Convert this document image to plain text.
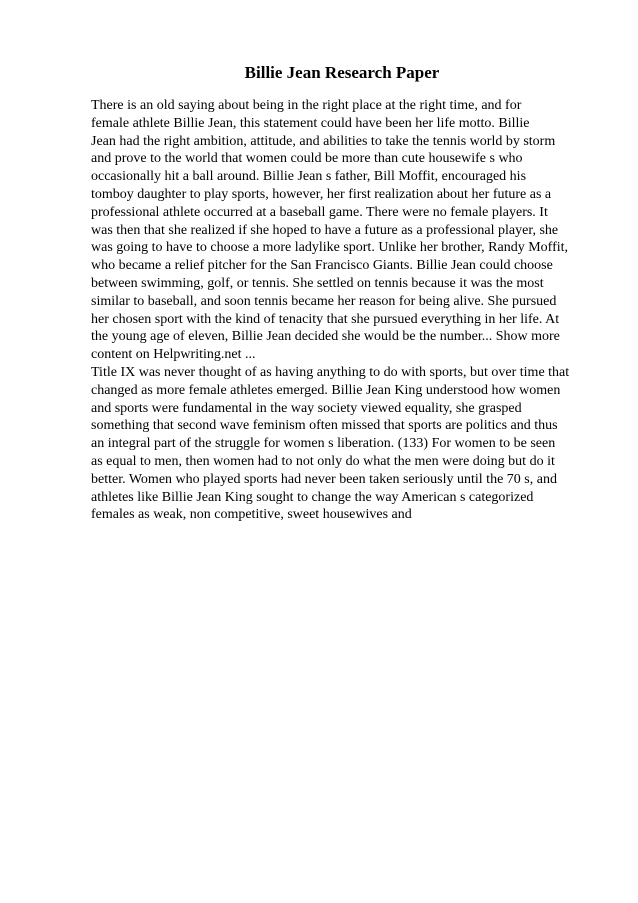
Billie Jean Research Paper
There is an old saying about being in the right place at the right time, and for
female athlete Billie Jean, this statement could have been her life motto. Billie
Jean had the right ambition, attitude, and abilities to take the tennis world by storm
and prove to the world that women could be more than cute housewife s who
occasionally hit a ball around. Billie Jean s father, Bill Moffit, encouraged his
tomboy daughter to play sports, however, her first realization about her future as a
professional athlete occurred at a baseball game. There were no female players. It
was then that she realized if she hoped to have a future as a professional player, she
was going to have to choose a more ladylike sport. Unlike her brother, Randy Moffit,
who became a relief pitcher for the San Francisco Giants. Billie Jean could choose
between swimming, golf, or tennis. She settled on tennis because it was the most
similar to baseball, and soon tennis became her reason for being alive. She pursued
her chosen sport with the kind of tenacity that she pursued everything in her life. At
the young age of eleven, Billie Jean decided she would be the number... Show more
content on Helpwriting.net ...
Title IX was never thought of as having anything to do with sports, but over time that
changed as more female athletes emerged. Billie Jean King understood how women
and sports were fundamental in the way society viewed equality, she grasped
something that second wave feminism often missed that sports are politics and thus
an integral part of the struggle for women s liberation. (133) For women to be seen
as equal to men, then women had to not only do what the men were doing but do it
better. Women who played sports had never been taken seriously until the 70 s, and
athletes like Billie Jean King sought to change the way American s categorized
females as weak, non competitive, sweet housewives and
